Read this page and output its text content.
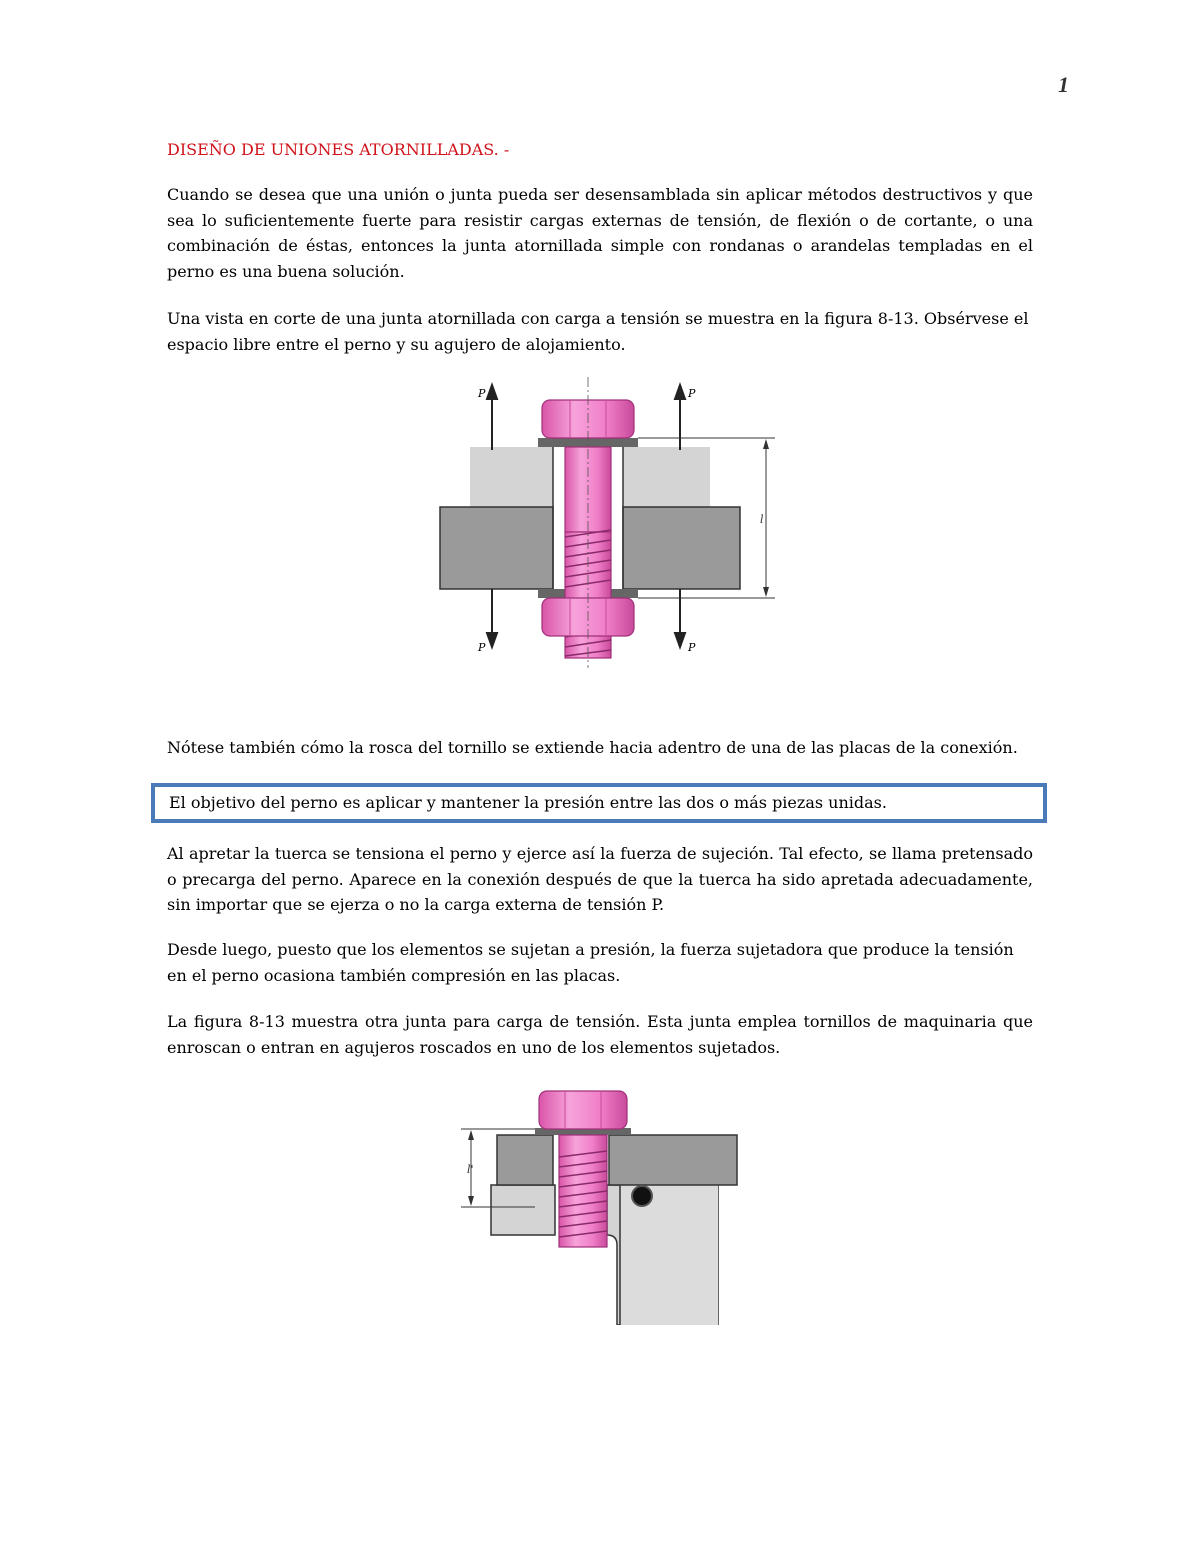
1
DISEÑO DE UNIONES ATORNILLADAS. -

Cuando se desea que una unión o junta pueda ser desensamblada sin aplicar métodos destructivos y que sea lo suficientemente fuerte para resistir cargas externas de tensión, de flexión o de cortante, o una combinación de éstas, entonces la junta atornillada simple con rondanas o arandelas templadas en el perno es una buena solución.

Una vista en corte de una junta atornillada con carga a tensión se muestra en la figura 8-13. Obsérvese el espacio libre entre el perno y su agujero de alojamiento.

P	P
P	P
l

Nótese también cómo la rosca del tornillo se extiende hacia adentro de una de las placas de la conexión.

El objetivo del perno es aplicar y mantener la presión entre las dos o más piezas unidas.

Al apretar la tuerca se tensiona el perno y ejerce así la fuerza de sujeción. Tal efecto, se llama pretensado o precarga del perno. Aparece en la conexión después de que la tuerca ha sido apretada adecuadamente, sin importar que se ejerza o no la carga externa de tensión P.

Desde luego, puesto que los elementos se sujetan a presión, la fuerza sujetadora que produce la tensión en el perno ocasiona también compresión en las placas.

La figura 8-13 muestra otra junta para carga de tensión. Esta junta emplea tornillos de maquinaria que enroscan o entran en agujeros roscados en uno de los elementos sujetados.

l'
